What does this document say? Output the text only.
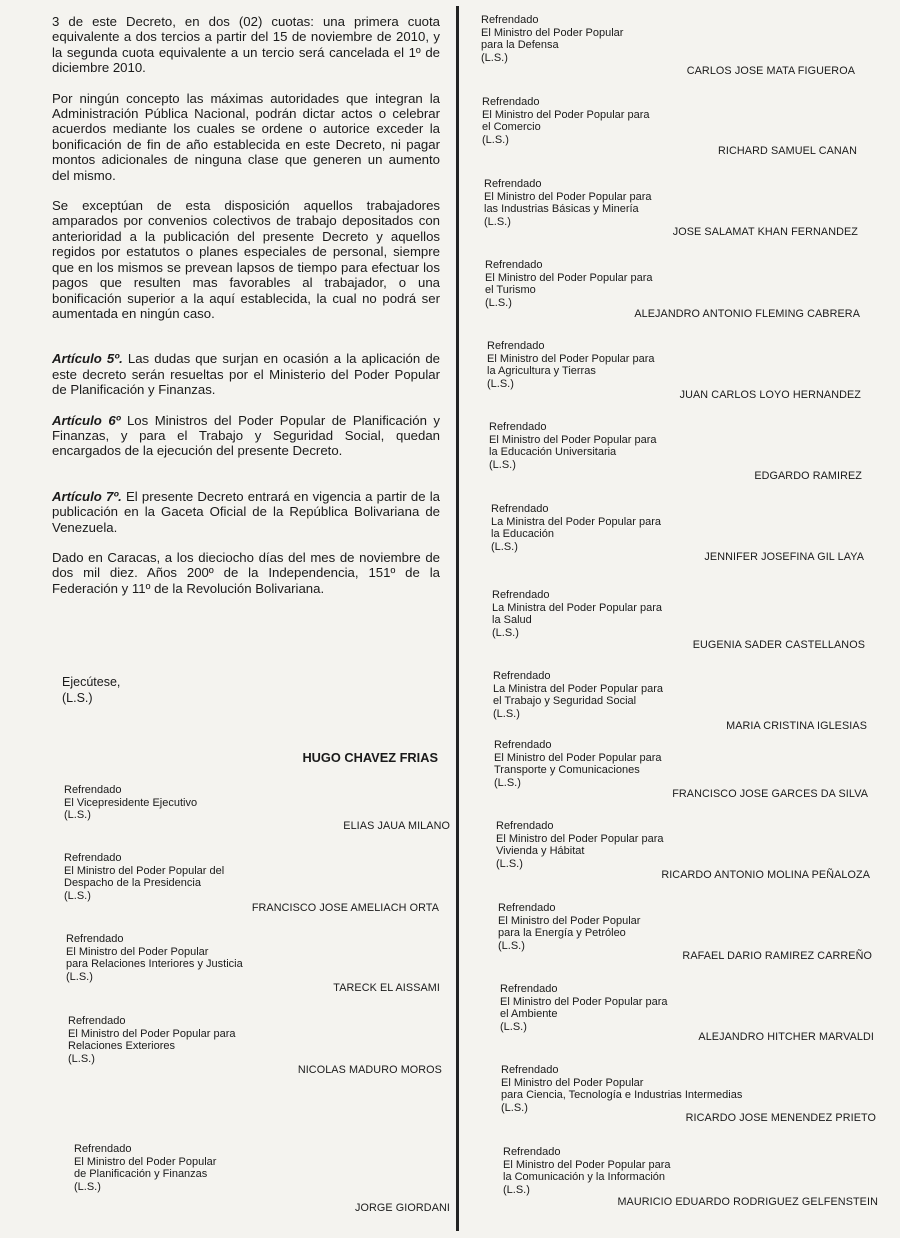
3 de este Decreto, en dos (02) cuotas: una primera cuota equivalente a dos tercios a partir del 15 de noviembre de 2010, y la segunda cuota equivalente a un tercio será cancelada el 1º de diciembre 2010.

Por ningún concepto las máximas autoridades que integran la Administración Pública Nacional, podrán dictar actos o celebrar acuerdos mediante los cuales se ordene o autorice exceder la bonificación de fin de año establecida en este Decreto, ni pagar montos adicionales de ninguna clase que generen un aumento del mismo.

Se exceptúan de esta disposición aquellos trabajadores amparados por convenios colectivos de trabajo depositados con anterioridad a la publicación del presente Decreto y aquellos regidos por estatutos o planes especiales de personal, siempre que en los mismos se prevean lapsos de tiempo para efectuar los pagos que resulten mas favorables al trabajador, o una bonificación superior a la aquí establecida, la cual no podrá ser aumentada en ningún caso.

Artículo 5º. Las dudas que surjan en ocasión a la aplicación de este decreto serán resueltas por el Ministerio del Poder Popular de Planificación y Finanzas.

Artículo 6º Los Ministros del Poder Popular de Planificación y Finanzas, y para el Trabajo y Seguridad Social, quedan encargados de la ejecución del presente Decreto.

Artículo 7º. El presente Decreto entrará en vigencia a partir de la publicación en la Gaceta Oficial de la República Bolivariana de Venezuela.

Dado en Caracas, a los dieciocho días del mes de noviembre de dos mil diez. Años 200º de la Independencia, 151º de la Federación y 11º de la Revolución Bolivariana.

Ejecútese,
(L.S.)
HUGO CHAVEZ FRIAS
Refrendado
El Vicepresidente Ejecutivo
(L.S.)
ELIAS JAUA MILANO
Refrendado
El Ministro del Poder Popular del
Despacho de la Presidencia
(L.S.)
FRANCISCO JOSE AMELIACH ORTA
Refrendado
El Ministro del Poder Popular
para Relaciones Interiores y Justicia
(L.S.)
TARECK EL AISSAMI
Refrendado
El Ministro del Poder Popular para
Relaciones Exteriores
(L.S.)
NICOLAS MADURO MOROS
Refrendado
El Ministro del Poder Popular
de Planificación y Finanzas
(L.S.)
JORGE GIORDANI
Refrendado
El Ministro del Poder Popular
para la Defensa
(L.S.)
CARLOS JOSE MATA FIGUEROA
Refrendado
El Ministro del Poder Popular para
el Comercio
(L.S.)
RICHARD SAMUEL CANAN
Refrendado
El Ministro del Poder Popular para
las Industrias Básicas y Minería
(L.S.)
JOSE SALAMAT KHAN FERNANDEZ
Refrendado
El Ministro del Poder Popular para
el Turismo
(L.S.)
ALEJANDRO ANTONIO FLEMING CABRERA
Refrendado
El Ministro del Poder Popular para
la Agricultura y Tierras
(L.S.)
JUAN CARLOS LOYO HERNANDEZ
Refrendado
El Ministro del Poder Popular para
la Educación Universitaria
(L.S.)
EDGARDO RAMIREZ
Refrendado
La Ministra del Poder Popular para
la Educación
(L.S.)
JENNIFER JOSEFINA GIL LAYA
Refrendado
La Ministra del Poder Popular para
la Salud
(L.S.)
EUGENIA SADER CASTELLANOS
Refrendado
La Ministra del Poder Popular para
el Trabajo y Seguridad Social
(L.S.)
MARIA CRISTINA IGLESIAS
Refrendado
El Ministro del Poder Popular para
Transporte y Comunicaciones
(L.S.)
FRANCISCO JOSE GARCES DA SILVA
Refrendado
El Ministro del Poder Popular para
Vivienda y Hábitat
(L.S.)
RICARDO ANTONIO MOLINA PEÑALOZA
Refrendado
El Ministro del Poder Popular
para la Energía y Petróleo
(L.S.)
RAFAEL DARIO RAMIREZ CARREÑO
Refrendado
El Ministro del Poder Popular para
el Ambiente
(L.S.)
ALEJANDRO HITCHER MARVALDI
Refrendado
El Ministro del Poder Popular
para Ciencia, Tecnología e Industrias Intermedias
(L.S.)
RICARDO JOSE MENENDEZ PRIETO
Refrendado
El Ministro del Poder Popular para
la Comunicación y la Información
(L.S.)
MAURICIO EDUARDO RODRIGUEZ GELFENSTEIN
